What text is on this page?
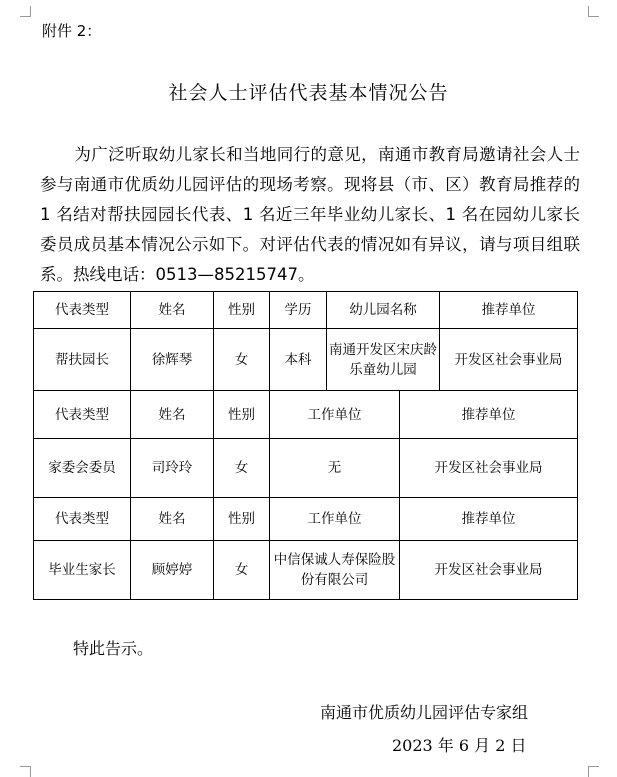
附件 2：
社会人士评估代表基本情况公告
为广泛听取幼儿家长和当地同行的意见，南通市教育局邀请社会人士参与南通市优质幼儿园评估的现场考察。现将县（市、区）教育局推荐的 1 名结对帮扶园园长代表、1 名近三年毕业幼儿家长、1 名在园幼儿家长委员成员基本情况公示如下。对评估代表的情况如有异议，请与项目组联系。热线电话：0513—85215747。
代表类型	姓名	性别	学历	幼儿园名称		推荐单位
帮扶园长	徐辉琴	女	本科	南通开发区宋庆龄乐童幼儿园		开发区社会事业局
代表类型	姓名	性别	工作单位		推荐单位	
家委会委员	司玲玲	女	无		开发区社会事业局	
代表类型	姓名	性别	工作单位		推荐单位	
毕业生家长	顾婷婷	女	中信保诚人寿保险股份有限公司		开发区社会事业局	
特此告示。
南通市优质幼儿园评估专家组
2023 年 6 月 2 日
